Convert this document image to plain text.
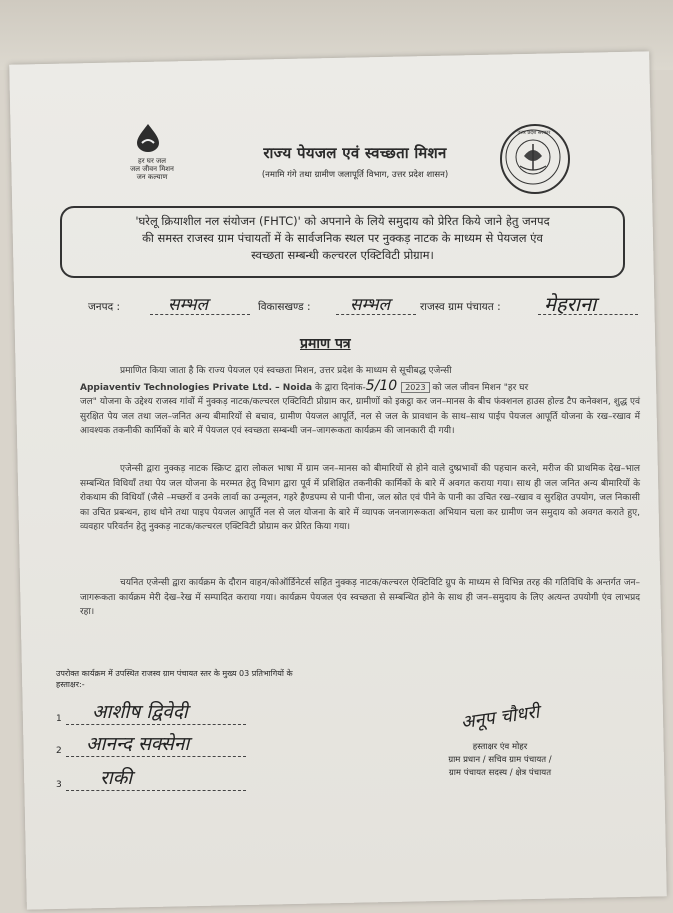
हर घर जल
जल जीवन मिशन
जन कल्याण
राज्य पेयजल एवं स्वच्छता मिशन
(नमामि गंगे तथा ग्रामीण जलापूर्ति विभाग, उत्तर प्रदेश शासन)
उत्तर प्रदेश सरकार
'घरेलू क्रियाशील नल संयोजन (FHTC)' को अपनाने के लिये समुदाय को प्रेरित किये जाने हेतु जनपद
की समस्त राजस्व ग्राम पंचायतों में के सार्वजनिक स्थल पर नुक्कड़ नाटक के माध्यम से पेयजल एंव
स्वच्छता सम्बन्धी कल्चरल एक्टिविटी प्रोग्राम।
जनपद :	सम्भल	विकासखण्ड : सम्भल	राजस्व ग्राम पंचायत : मेहराना
प्रमाण पत्र
प्रमाणित किया जाता है कि राज्य पेयजल एवं स्वच्छता मिशन, उत्तर प्रदेश के माध्यम से सूचीबद्ध एजेन्सी
Appiaventiv Technologies Private Ltd. – Noida के द्वारा दिनांक-5/10 2023 को जल जीवन मिशन "हर घर
जल" योजना के उद्देश्य राजस्व गांवों में नुक्कड़ नाटक/कल्चरल एक्टिविटी प्रोग्राम कर, ग्रामीणों को इकट्ठा कर जन–मानस के बीच फंक्शनल हाउस होल्ड टैप कनेक्शन, शुद्ध एवं सुरक्षित पेय जल तथा जल–जनित अन्य बीमारियों से बचाव, ग्रामीण पेयजल आपूर्ति, नल से जल के प्रावधान के साथ–साथ पाईप पेयजल आपूर्ति योजना के रख–रखाव में आवश्यक तकनीकी कार्मिकों के बारे में पेयजल एवं स्वच्छता सम्बन्धी जन–जागरूकता कार्यक्रम की जानकारी दी गयी।
एजेन्सी द्वारा नुक्कड़ नाटक स्क्रिप्ट द्वारा लोकल भाषा में ग्राम जन–मानस को बीमारियों से होने वाले दुष्प्रभावों की पहचान करने, मरीज की प्राथमिक देख–भाल सम्बन्धित विधियाँ तथा पेय जल योजना के मरम्मत हेतु विभाग द्वारा पूर्व में प्रशिक्षित तकनीकी कार्मिकों के बारे में अवगत कराया गया। साथ ही जल जनित अन्य बीमारियों के रोकथाम की विधियाँ (जैसे –मच्छरों व उनके लार्वा का उन्मूलन, गहरे हैण्डपम्प से पानी पीना, जल स्रोत एवं पीने के पानी का उचित रख–रखाव व सुरक्षित उपयोग, जल निकासी का उचित प्रबन्धन, हाथ धोने तथा पाइप पेयजल आपूर्ति नल से जल योजना के बारे में व्यापक जनजागरूकता अभियान चला कर ग्रामीण जन समुदाय को अवगत कराते हुए, व्यवहार परिवर्तन हेतु नुक्कड़ नाटक/कल्चरल एक्टिविटी प्रोग्राम कर प्रेरित किया गया।
चयनित एजेन्सी द्वारा कार्यक्रम के दौरान वाहन/कोऑर्डिनेटर्स सहित नुक्कड़ नाटक/कल्चरल ऐक्टिविटि ग्रुप के माध्यम से विभिन्न तरह की गतिविधि के अन्तर्गत जन–जागरूकता कार्यक्रम मेरी देख–रेख में सम्पादित कराया गया। कार्यक्रम पेयजल एंव स्वच्छता से सम्बन्धित होने के साथ ही जन–समुदाय के लिए अत्यन्त उपयोगी एंव लाभप्रद रहा।
उपरोक्त कार्यक्रम में उपस्थित राजस्व ग्राम पंचायत स्तर के मुख्य 03 प्रतिभागियों के
हस्ताक्षर:-
1 आशीष द्विवेदी
2 आनन्द सक्सेना
3 राकी
अनूप चौधरी
हस्ताक्षर एंव मोहर
ग्राम प्रधान / सचिव ग्राम पंचायत /
ग्राम पंचायत सदस्य / क्षेत्र पंचायत
